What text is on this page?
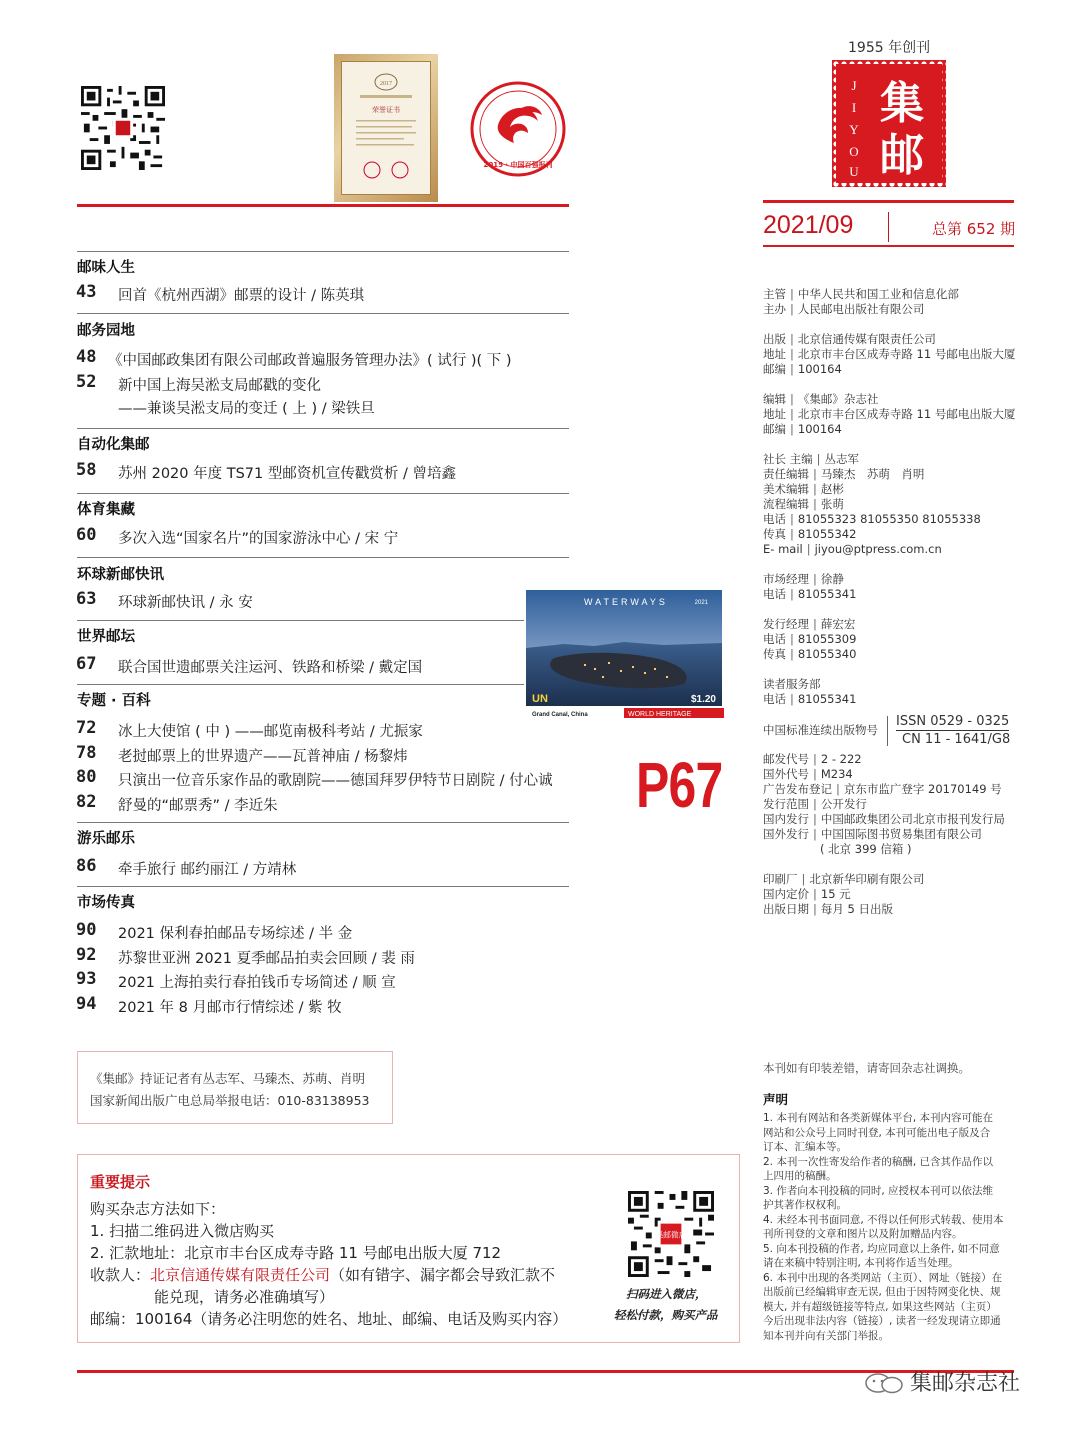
2017
荣誉证书
2015 · 中国百强报刊
1955 年创刊
J
I
Y
O
U
集
邮
2021/09	总第 652 期
邮味人生
43 回首《杭州西湖》邮票的设计 / 陈英琪
邮务园地
48 《中国邮政集团有限公司邮政普遍服务管理办法》( 试行 )( 下 )
52 新中国上海吴淞支局邮戳的变化
——兼谈吴淞支局的变迁 ( 上 ) / 梁铁旦
自动化集邮
58 苏州 2020 年度 TS71 型邮资机宣传戳赏析 / 曾培鑫
体育集藏
60 多次入选“国家名片”的国家游泳中心 / 宋 宁
环球新邮快讯
63 环球新邮快讯 / 永 安
世界邮坛
67 联合国世遗邮票关注运河、铁路和桥梁 / 戴定国
专题 · 百科
72 冰上大使馆 ( 中 ) ——邮览南极科考站 / 尤振家
78 老挝邮票上的世界遗产——瓦普神庙 / 杨黎炜
80 只演出一位音乐家作品的歌剧院——德国拜罗伊特节日剧院 / 付心诚
82 舒曼的“邮票秀” / 李近朱
游乐邮乐
86 牵手旅行 邮约丽江 / 方靖林
市场传真
90 2021 保利春拍邮品专场综述 / 半 金
92 苏黎世亚洲 2021 夏季邮品拍卖会回顾 / 裴 雨
93 2021 上海拍卖行春拍钱币专场简述 / 顺 宣
94 2021 年 8 月邮市行情综述 / 紫 牧
WATERWAYS	2021
UN	$1.20
WORLD HERITAGE
Grand Canal, China
P67
主管 | 中华人民共和国工业和信息化部
主办 | 人民邮电出版社有限公司
出版 | 北京信通传媒有限责任公司
地址 | 北京市丰台区成寿寺路 11 号邮电出版大厦
邮编 | 100164
编辑 | 《集邮》杂志社
地址 | 北京市丰台区成寿寺路 11 号邮电出版大厦
邮编 | 100164
社长 主编 | 丛志军
责任编辑 | 马臻杰　苏萌　肖明
美术编辑 | 赵彬
流程编辑 | 张萌
电话 | 81055323 81055350 81055338
传真 | 81055342
E- mail | jiyou@ptpress.com.cn
市场经理 | 徐静
电话 | 81055341
发行经理 | 薛宏宏
电话 | 81055309
传真 | 81055340
读者服务部
电话 | 81055341
中国标准连续出版物号
ISSN 0529 - 0325
CN 11 - 1641/G8
邮发代号 | 2 - 222
国外代号 | M234
广告发布登记 | 京东市监广登字 20170149 号
发行范围 | 公开发行
国内发行 | 中国邮政集团公司北京市报刊发行局
国外发行 | 中国国际图书贸易集团有限公司
( 北京 399 信箱 )
印刷厂 | 北京新华印刷有限公司
国内定价 | 15 元
出版日期 | 每月 5 日出版
《集邮》持证记者有丛志军、马臻杰、苏萌、肖明
国家新闻出版广电总局举报电话：010-83138953
重要提示
购买杂志方法如下：
1. 扫描二维码进入微店购买
2. 汇款地址：北京市丰台区成寿寺路 11 号邮电出版大厦 712
收款人：北京信通传媒有限责任公司（如有错字、漏字都会导致汇款不
能兑现，请务必准确填写）
邮编：100164（请务必注明您的姓名、地址、邮编、电话及购买内容）
集邮微店
扫码进入微店，
轻松付款，购买产品
本刊如有印装差错，请寄回杂志社调换。
声明
1. 本刊有网站和各类新媒体平台, 本刊内容可能在
网站和公众号上同时刊登, 本刊可能出电子版及合
订本、汇编本等。
2. 本刊一次性寄发给作者的稿酬, 已含其作品作以
上四用的稿酬。
3. 作者向本刊投稿的同时, 应授权本刊可以依法维
护其著作权权利。
4. 未经本刊书面同意, 不得以任何形式转载、使用本
刊所刊登的文章和图片以及附加赠品内容。
5. 向本刊投稿的作者, 均应同意以上条件, 如不同意
请在来稿中特别注明, 本刊将作适当处理。
6. 本刊中出现的各类网站（主页）、网址（链接）在
出版前已经编辑审查无误, 但由于因特网变化快、规
模大, 并有超级链接等特点, 如果这些网站（主页）
今后出现非法内容（链接）, 读者一经发现请立即通
知本刊并向有关部门举报。
集邮杂志社
